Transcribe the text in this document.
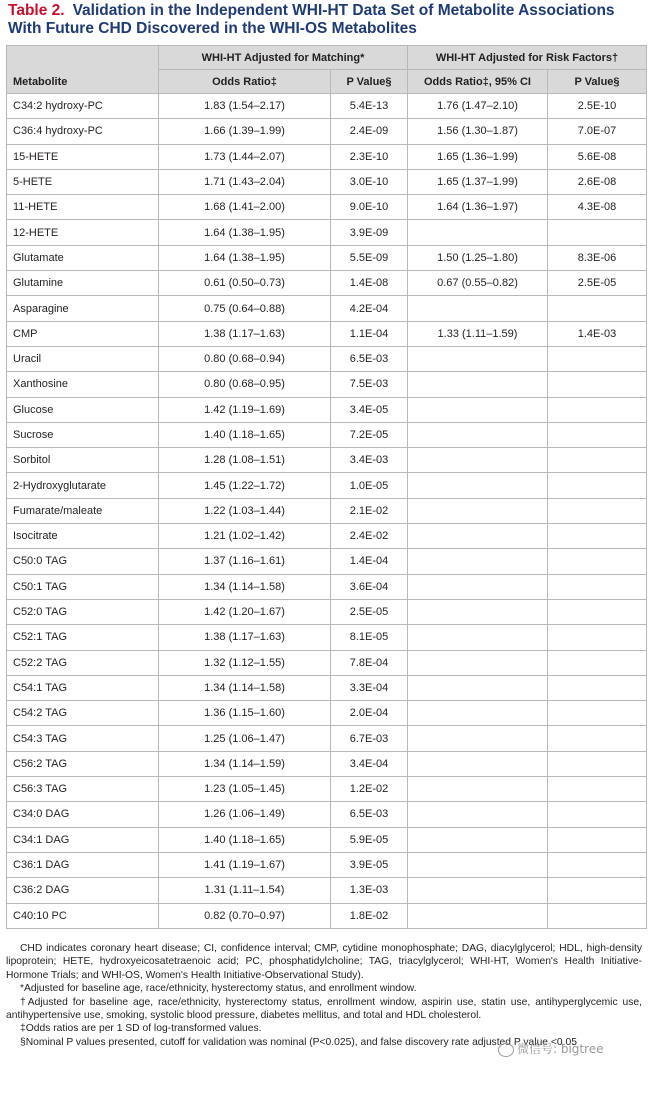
Table 2. Validation in the Independent WHI-HT Data Set of Metabolite Associations With Future CHD Discovered in the WHI-OS Metabolites
Metabolite	WHI-HT Adjusted for Matching*		WHI-HT Adjusted for Risk Factors†	
	Odds Ratio‡	P Value§	Odds Ratio‡, 95% CI	P Value§
C34:2 hydroxy-PC	1.83 (1.54–2.17)	5.4E-13	1.76 (1.47–2.10)	2.5E-10
C36:4 hydroxy-PC	1.66 (1.39–1.99)	2.4E-09	1.56 (1.30–1.87)	7.0E-07
15-HETE	1.73 (1.44–2.07)	2.3E-10	1.65 (1.36–1.99)	5.6E-08
5-HETE	1.71 (1.43–2.04)	3.0E-10	1.65 (1.37–1.99)	2.6E-08
11-HETE	1.68 (1.41–2.00)	9.0E-10	1.64 (1.36–1.97)	4.3E-08
12-HETE	1.64 (1.38–1.95)	3.9E-09		
Glutamate	1.64 (1.38–1.95)	5.5E-09	1.50 (1.25–1.80)	8.3E-06
Glutamine	0.61 (0.50–0.73)	1.4E-08	0.67 (0.55–0.82)	2.5E-05
Asparagine	0.75 (0.64–0.88)	4.2E-04		
CMP	1.38 (1.17–1.63)	1.1E-04	1.33 (1.11–1.59)	1.4E-03
Uracil	0.80 (0.68–0.94)	6.5E-03		
Xanthosine	0.80 (0.68–0.95)	7.5E-03		
Glucose	1.42 (1.19–1.69)	3.4E-05		
Sucrose	1.40 (1.18–1.65)	7.2E-05		
Sorbitol	1.28 (1.08–1.51)	3.4E-03		
2-Hydroxyglutarate	1.45 (1.22–1.72)	1.0E-05		
Fumarate/maleate	1.22 (1.03–1.44)	2.1E-02		
Isocitrate	1.21 (1.02–1.42)	2.4E-02		
C50:0 TAG	1.37 (1.16–1.61)	1.4E-04		
C50:1 TAG	1.34 (1.14–1.58)	3.6E-04		
C52:0 TAG	1.42 (1.20–1.67)	2.5E-05		
C52:1 TAG	1.38 (1.17–1.63)	8.1E-05		
C52:2 TAG	1.32 (1.12–1.55)	7.8E-04		
C54:1 TAG	1.34 (1.14–1.58)	3.3E-04		
C54:2 TAG	1.36 (1.15–1.60)	2.0E-04		
C54:3 TAG	1.25 (1.06–1.47)	6.7E-03		
C56:2 TAG	1.34 (1.14–1.59)	3.4E-04		
C56:3 TAG	1.23 (1.05–1.45)	1.2E-02		
C34:0 DAG	1.26 (1.06–1.49)	6.5E-03		
C34:1 DAG	1.40 (1.18–1.65)	5.9E-05		
C36:1 DAG	1.41 (1.19–1.67)	3.9E-05		
C36:2 DAG	1.31 (1.11–1.54)	1.3E-03		
C40:10 PC	0.82 (0.70–0.97)	1.8E-02		

CHD indicates coronary heart disease; CI, confidence interval; CMP, cytidine monophosphate; DAG, diacylglycerol; HDL, high-density lipoprotein; HETE, hydroxyeicosatetraenoic acid; PC, phosphatidylcholine; TAG, triacylglycerol; WHI-HT, Women's Health Initiative-Hormone Trials; and WHI-OS, Women's Health Initiative-Observational Study).

*Adjusted for baseline age, race/ethnicity, hysterectomy status, and enrollment window.

†Adjusted for baseline age, race/ethnicity, hysterectomy status, enrollment window, aspirin use, statin use, antihyperglycemic use, antihypertensive use, smoking, systolic blood pressure, diabetes mellitus, and total and HDL cholesterol.

‡Odds ratios are per 1 SD of log-transformed values.

§Nominal P values presented, cutoff for validation was nominal (P<0.025), and false discovery rate adjusted P value <0.05

微信号: bigtree
